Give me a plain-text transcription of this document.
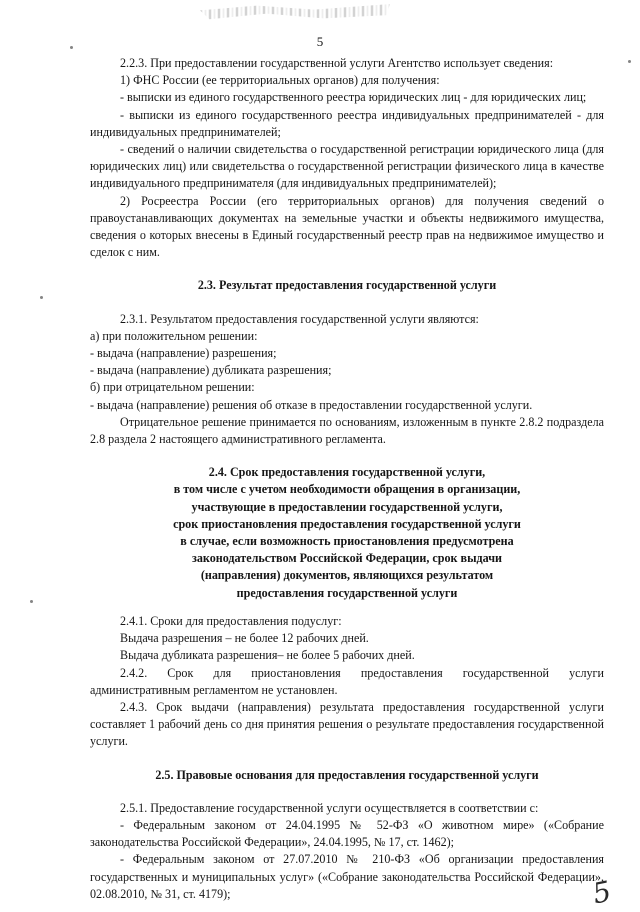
5

2.2.3. При предоставлении государственной услуги Агентство использует сведения:

1) ФНС России (ее территориальных органов) для получения:

- выписки из единого государственного реестра юридических лиц - для юридических лиц;

- выписки из единого государственного реестра индивидуальных предпринимателей - для индивидуальных предпринимателей;

- сведений о наличии свидетельства о государственной регистрации юридического лица (для юридических лиц) или свидетельства о государственной регистрации физического лица в качестве индивидуального предпринимателя (для индивидуальных предпринимателей);

2) Росреестра России (его территориальных органов) для получения сведений о правоустанавливающих документах на земельные участки и объекты недвижимого имущества, сведения о которых внесены в Единый государственный реестр прав на недвижимое имущество и сделок с ним.

2.3. Результат предоставления государственной услуги

2.3.1. Результатом предоставления государственной услуги являются:

а) при положительном решении:

- выдача (направление) разрешения;

- выдача (направление) дубликата разрешения;

б) при отрицательном решении:

- выдача (направление) решения об отказе в предоставлении государственной услуги.

Отрицательное решение принимается по основаниям, изложенным в пункте 2.8.2 подраздела 2.8 раздела 2 настоящего административного регламента.

2.4. Срок предоставления государственной услуги,

в том числе с учетом необходимости обращения в организации,

участвующие в предоставлении государственной услуги,

срок приостановления предоставления государственной услуги

в случае, если возможность приостановления предусмотрена

законодательством Российской Федерации, срок выдачи

(направления) документов, являющихся результатом

предоставления государственной услуги

2.4.1. Сроки для предоставления подуслуг:

Выдача разрешения – не более 12 рабочих дней.

Выдача дубликата разрешения– не более 5 рабочих дней.

2.4.2. Срок для приостановления предоставления государственной услуги административным регламентом не установлен.

2.4.3. Срок выдачи (направления) результата предоставления государственной услуги составляет 1 рабочий день со дня принятия решения о результате предоставления государственной услуги.

2.5. Правовые основания для предоставления государственной услуги

2.5.1. Предоставление государственной услуги осуществляется в соответствии с:

- Федеральным законом от 24.04.1995 № 52-ФЗ «О животном мире» («Собрание законодательства Российской Федерации», 24.04.1995, № 17, ст. 1462);

- Федеральным законом от 27.07.2010 № 210-ФЗ «Об организации предоставления государственных и муниципальных услуг» («Собрание законодательства Российской Федерации», 02.08.2010, № 31, ст. 4179);	5
